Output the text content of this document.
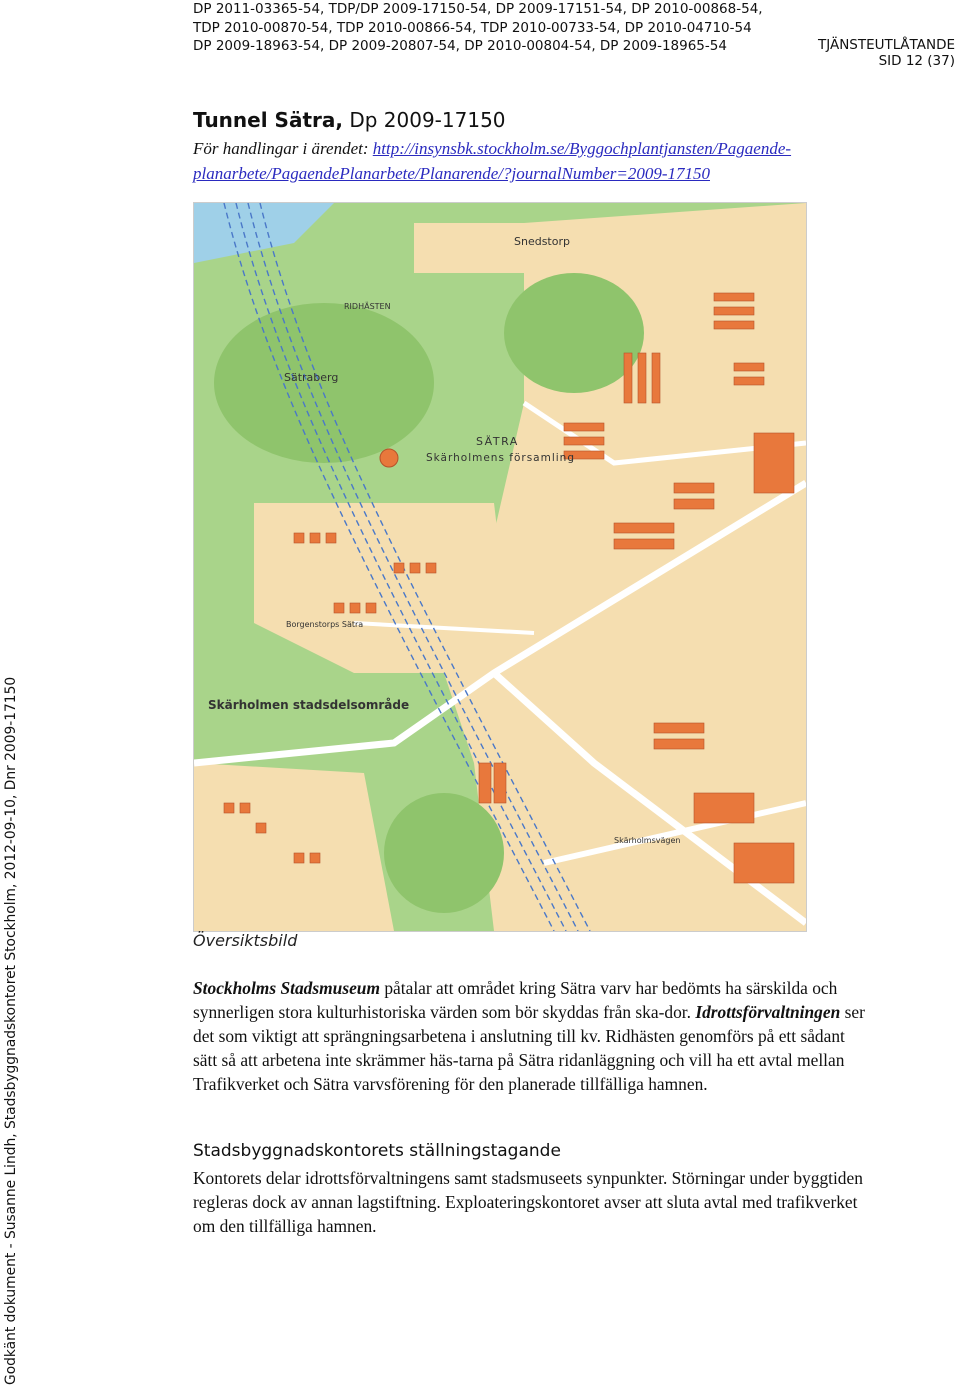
DP 2011-03365-54, TDP/DP 2009-17150-54, DP 2009-17151-54, DP 2010-00868-54,
TDP 2010-00870-54, TDP 2010-00866-54, TDP 2010-00733-54, DP 2010-04710-54
DP 2009-18963-54, DP 2009-20807-54, DP 2010-00804-54, DP 2009-18965-54	TJÄNSTEUTLÅTANDE
SID 12 (37)
Godkänt dokument - Susanne Lindh, Stadsbyggnadskontoret Stockholm, 2012-09-10, Dnr 2009-17150
Tunnel Sätra, Dp 2009-17150
För handlingar i ärendet: http://insynsbk.stockholm.se/Byggochplantjansten/Pagaende-
planarbete/PagaendePlanarbete/Planarende/?journalNumber=2009-17150
Snedstorp
Sätraberg
SÄTRA
Skärholmens församling
Skärholmen stadsdelsområde
RIDHÄSTEN
Skärholmsvägen
Borgenstorps Sätra
Översiktsbild

Stockholms Stadsmuseum påtalar att området kring Sätra varv har bedömts ha särskilda och synnerligen stora kulturhistoriska värden som bör skyddas från ska-dor. Idrottsförvaltningen ser det som viktigt att sprängningsarbetena i anslutning till kv. Ridhästen genomförs på ett sådant sätt så att arbetena inte skrämmer häs-tarna på Sätra ridanläggning och vill ha ett avtal mellan Trafikverket och Sätra varvsförening för den planerade tillfälliga hamnen.

Stadsbyggnadskontorets ställningstagande

Kontorets delar idrottsförvaltningens samt stadsmuseets synpunkter. Störningar under byggtiden regleras dock av annan lagstiftning. Exploateringskontoret avser att sluta avtal med trafikverket om den tillfälliga hamnen.
